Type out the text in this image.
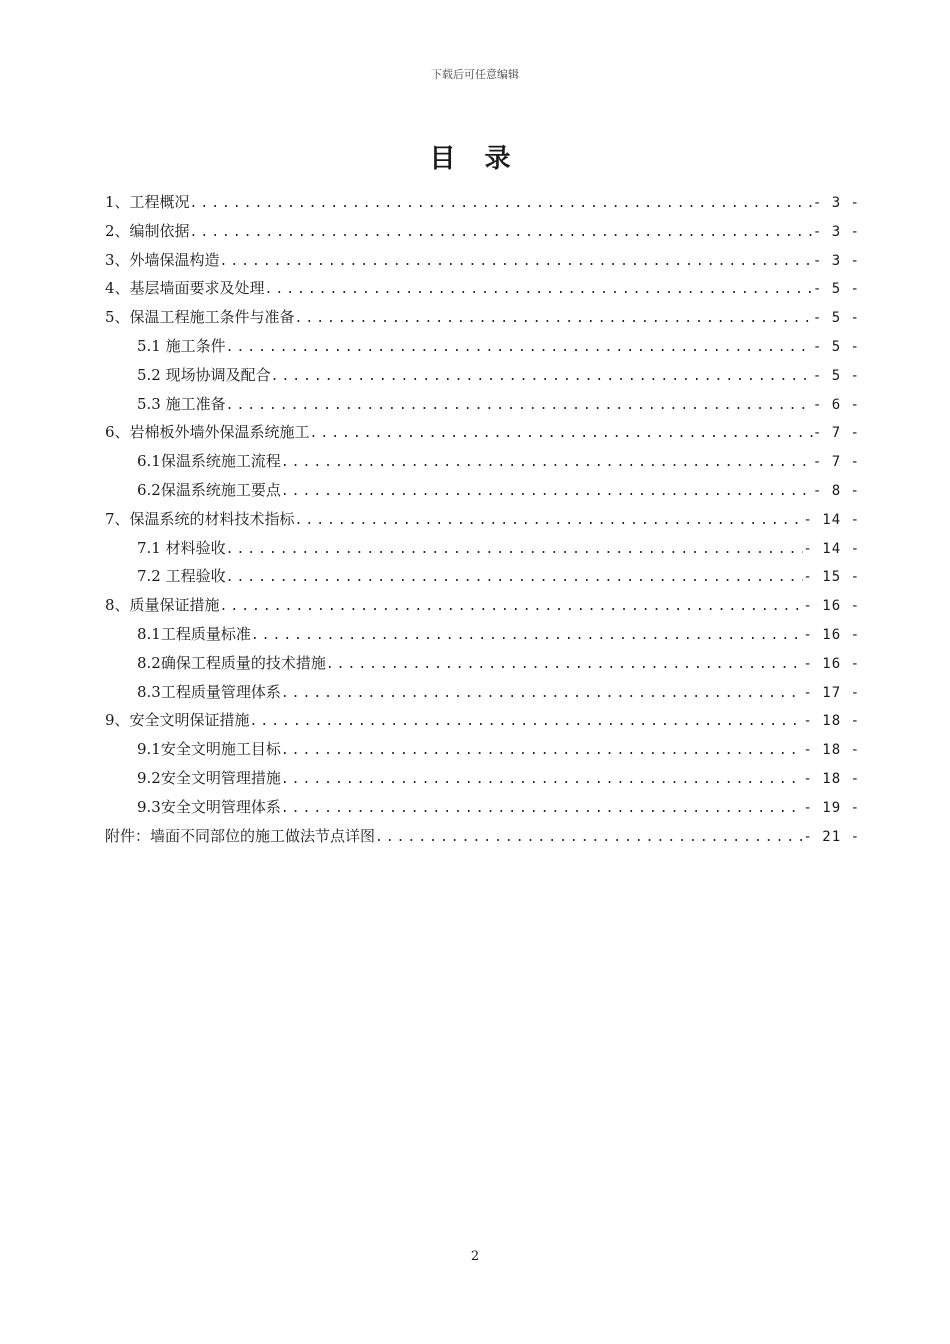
下载后可任意编辑
目 录
1、工程概况 .....	- 3 -
2、编制依据 .....	- 3 -
3、外墙保温构造 .....	- 3 -
4、基层墙面要求及处理 .....	- 5 -
5、保温工程施工条件与准备 .....	- 5 -
5.1 施工条件 .....	- 5 -
5.2 现场协调及配合 .....	- 5 -
5.3 施工准备 .....	- 6 -
6、岩棉板外墙外保温系统施工 .....	- 7 -
6.1保温系统施工流程 .....	- 7 -
6.2保温系统施工要点 .....	- 8 -
7、保温系统的材料技术指标 .....	- 14 -
7.1 材料验收 .....	- 14 -
7.2 工程验收 .....	- 15 -
8、质量保证措施 .....	- 16 -
8.1工程质量标准 .....	- 16 -
8.2确保工程质量的技术措施 .....	- 16 -
8.3工程质量管理体系 .....	- 17 -
9、安全文明保证措施 .....	- 18 -
9.1安全文明施工目标 .....	- 18 -
9.2安全文明管理措施 .....	- 18 -
9.3安全文明管理体系 .....	- 19 -
附件：墙面不同部位的施工做法节点详图 .....	- 21 -
2
